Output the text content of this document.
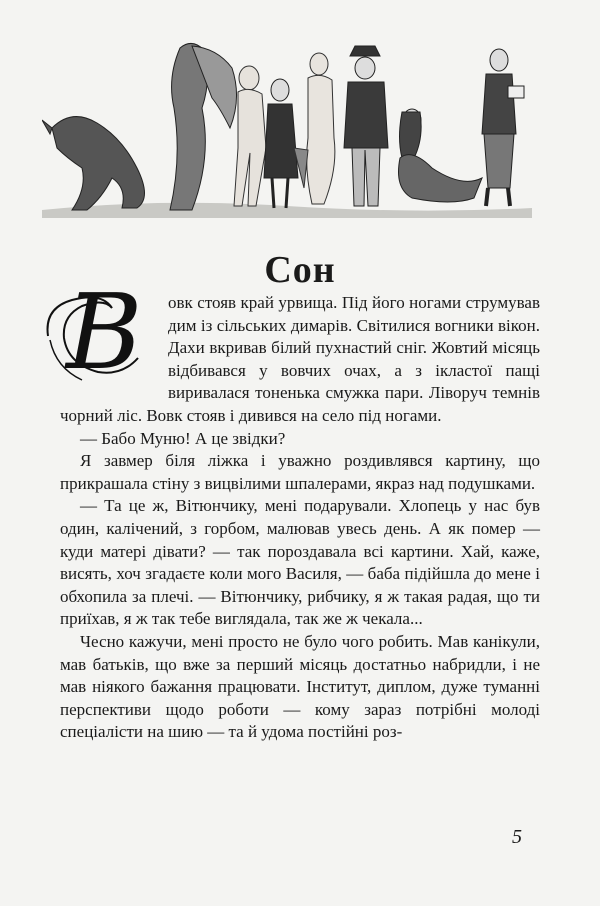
Сон

В овк стояв край урвища. Під його ногами струмував дим із сільських димарів. Світилися вогники вікон. Дахи вкривав білий пухнастий сніг. Жовтий місяць відбивався у вовчих очах, а з ікластої пащі виривалася тоненька смужка пари. Ліворуч темнів чорний ліс. Вовк стояв і дивився на село під ногами.

— Бабо Муню! А це звідки?

Я завмер біля ліжка і уважно роздивлявся картину, що прикрашала стіну з вицвілими шпалерами, якраз над подушками.

— Та це ж, Вітюнчику, мені подарували. Хлопець у нас був один, калічений, з горбом, малював увесь день. А як помер — куди матері дівати? — так пороздавала всі картини. Хай, каже, висять, хоч згадаєте коли мого Василя, — баба підійшла до мене і обхопила за плечі. — Вітюнчику, рибчику, я ж такая радая, що ти приїхав, я ж так тебе виглядала, так же ж чекала...

Чесно кажучи, мені просто не було чого робить. Мав канікули, мав батьків, що вже за перший місяць достатньо набридли, і не мав ніякого бажання працювати. Інститут, диплом, дуже туманні перспективи щодо роботи — кому зараз потрібні молоді спеціалісти на шию — та й удома постійні роз-

5
